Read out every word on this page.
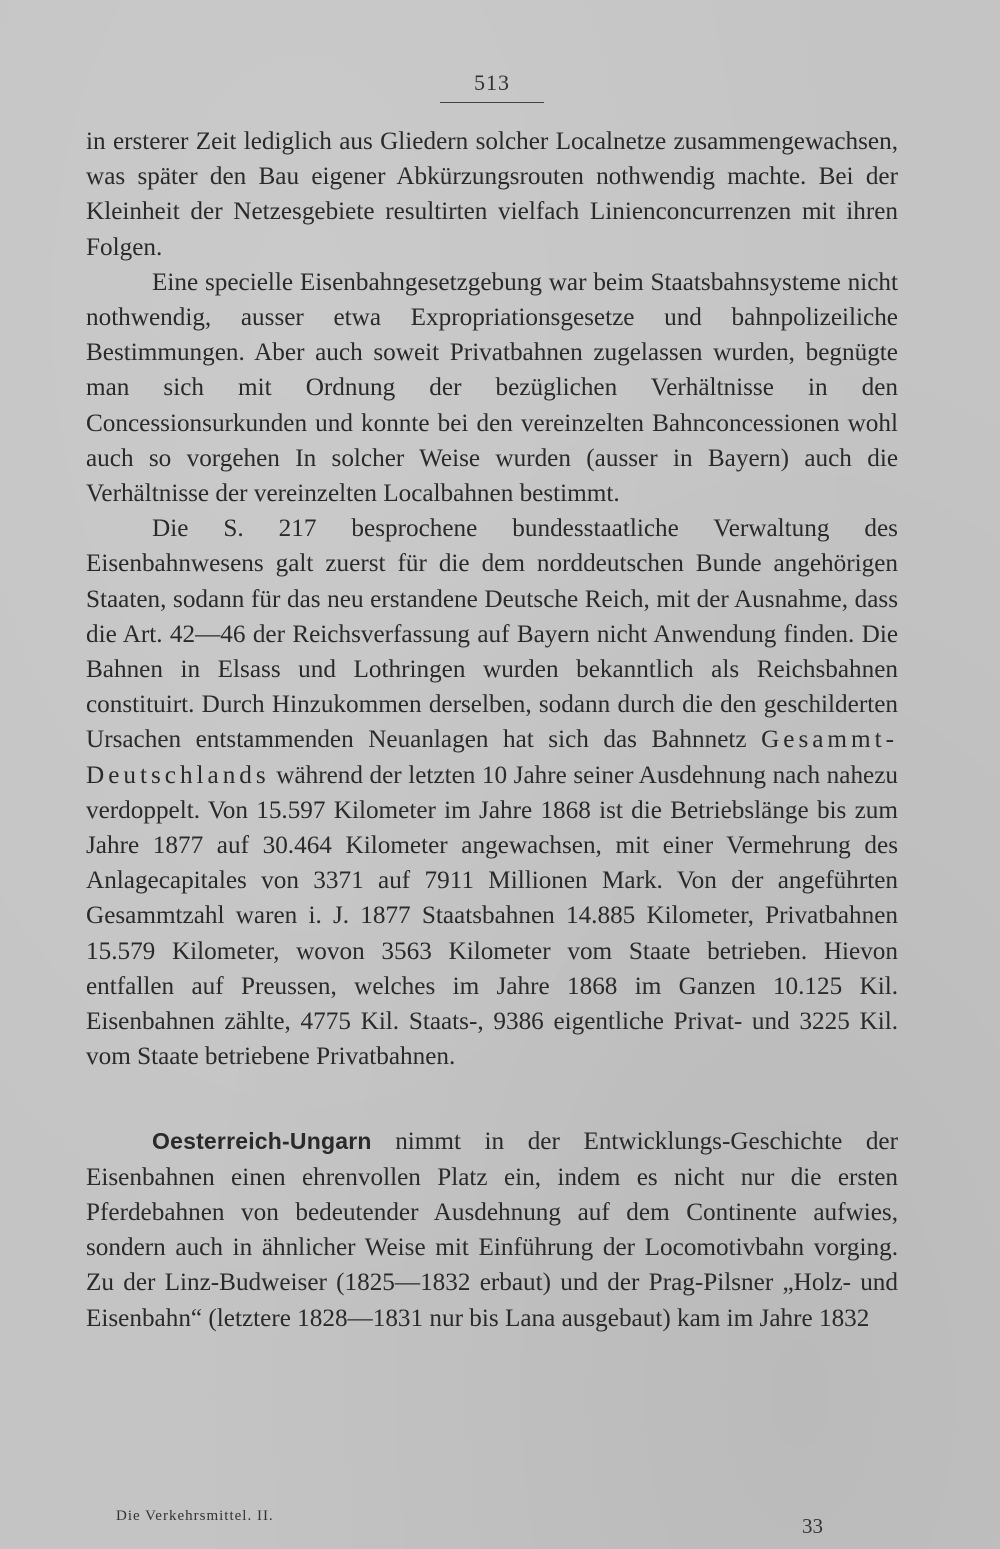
513

in ersterer Zeit lediglich aus Gliedern solcher Localnetze zusammengewachsen, was später den Bau eigener Abkürzungsrouten nothwendig machte. Bei der Kleinheit der Netzesgebiete resultirten vielfach Linienconcurrenzen mit ihren Folgen.

Eine specielle Eisenbahngesetzgebung war beim Staatsbahnsysteme nicht nothwendig, ausser etwa Expropriationsgesetze und bahnpolizeiliche Bestimmungen. Aber auch soweit Privatbahnen zugelassen wurden, begnügte man sich mit Ordnung der bezüglichen Verhältnisse in den Concessionsurkunden und konnte bei den vereinzelten Bahnconcessionen wohl auch so vorgehen In solcher Weise wurden (ausser in Bayern) auch die Verhältnisse der vereinzelten Localbahnen bestimmt.

Die S. 217 besprochene bundesstaatliche Verwaltung des Eisenbahnwesens galt zuerst für die dem norddeutschen Bunde angehörigen Staaten, sodann für das neu erstandene Deutsche Reich, mit der Ausnahme, dass die Art. 42—46 der Reichsverfassung auf Bayern nicht Anwendung finden. Die Bahnen in Elsass und Lothringen wurden bekanntlich als Reichsbahnen constituirt. Durch Hinzukommen derselben, sodann durch die den geschilderten Ursachen entstammenden Neuanlagen hat sich das Bahnnetz Gesammt-Deutschlands während der letzten 10 Jahre seiner Ausdehnung nach nahezu verdoppelt. Von 15.597 Kilometer im Jahre 1868 ist die Betriebslänge bis zum Jahre 1877 auf 30.464 Kilometer angewachsen, mit einer Vermehrung des Anlagecapitales von 3371 auf 7911 Millionen Mark. Von der angeführten Gesammtzahl waren i. J. 1877 Staatsbahnen 14.885 Kilometer, Privatbahnen 15.579 Kilometer, wovon 3563 Kilometer vom Staate betrieben. Hievon entfallen auf Preussen, welches im Jahre 1868 im Ganzen 10.125 Kil. Eisenbahnen zählte, 4775 Kil. Staats-, 9386 eigentliche Privat- und 3225 Kil. vom Staate betriebene Privatbahnen.

Oesterreich-Ungarn nimmt in der Entwicklungs-Geschichte der Eisenbahnen einen ehrenvollen Platz ein, indem es nicht nur die ersten Pferdebahnen von bedeutender Ausdehnung auf dem Continente aufwies, sondern auch in ähnlicher Weise mit Einführung der Locomotivbahn vorging. Zu der Linz-Budweiser (1825—1832 erbaut) und der Prag-Pilsner „Holz- und Eisenbahn“ (letztere 1828—1831 nur bis Lana ausgebaut) kam im Jahre 1832

Die Verkehrsmittel. II.	33
